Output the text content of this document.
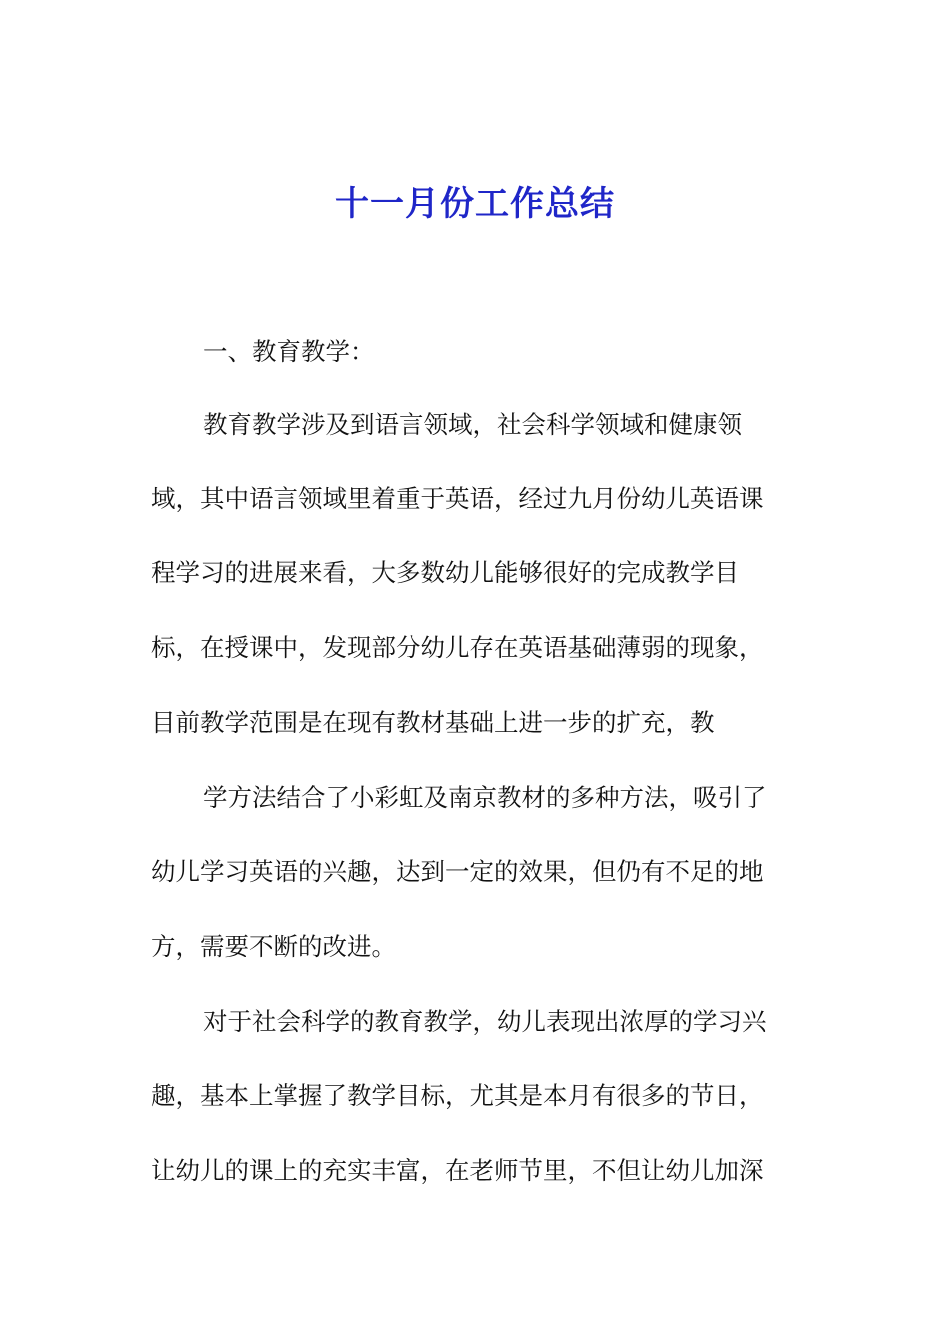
十一月份工作总结

一、教育教学：

教育教学涉及到语言领域，社会科学领域和健康领

域，其中语言领域里着重于英语，经过九月份幼儿英语课

程学习的进展来看，大多数幼儿能够很好的完成教学目

标，在授课中，发现部分幼儿存在英语基础薄弱的现象，

目前教学范围是在现有教材基础上进一步的扩充，教

学方法结合了小彩虹及南京教材的多种方法，吸引了

幼儿学习英语的兴趣，达到一定的效果，但仍有不足的地

方，需要不断的改进。

对于社会科学的教育教学，幼儿表现出浓厚的学习兴

趣，基本上掌握了教学目标，尤其是本月有很多的节日，

让幼儿的课上的充实丰富，在老师节里，不但让幼儿加深
